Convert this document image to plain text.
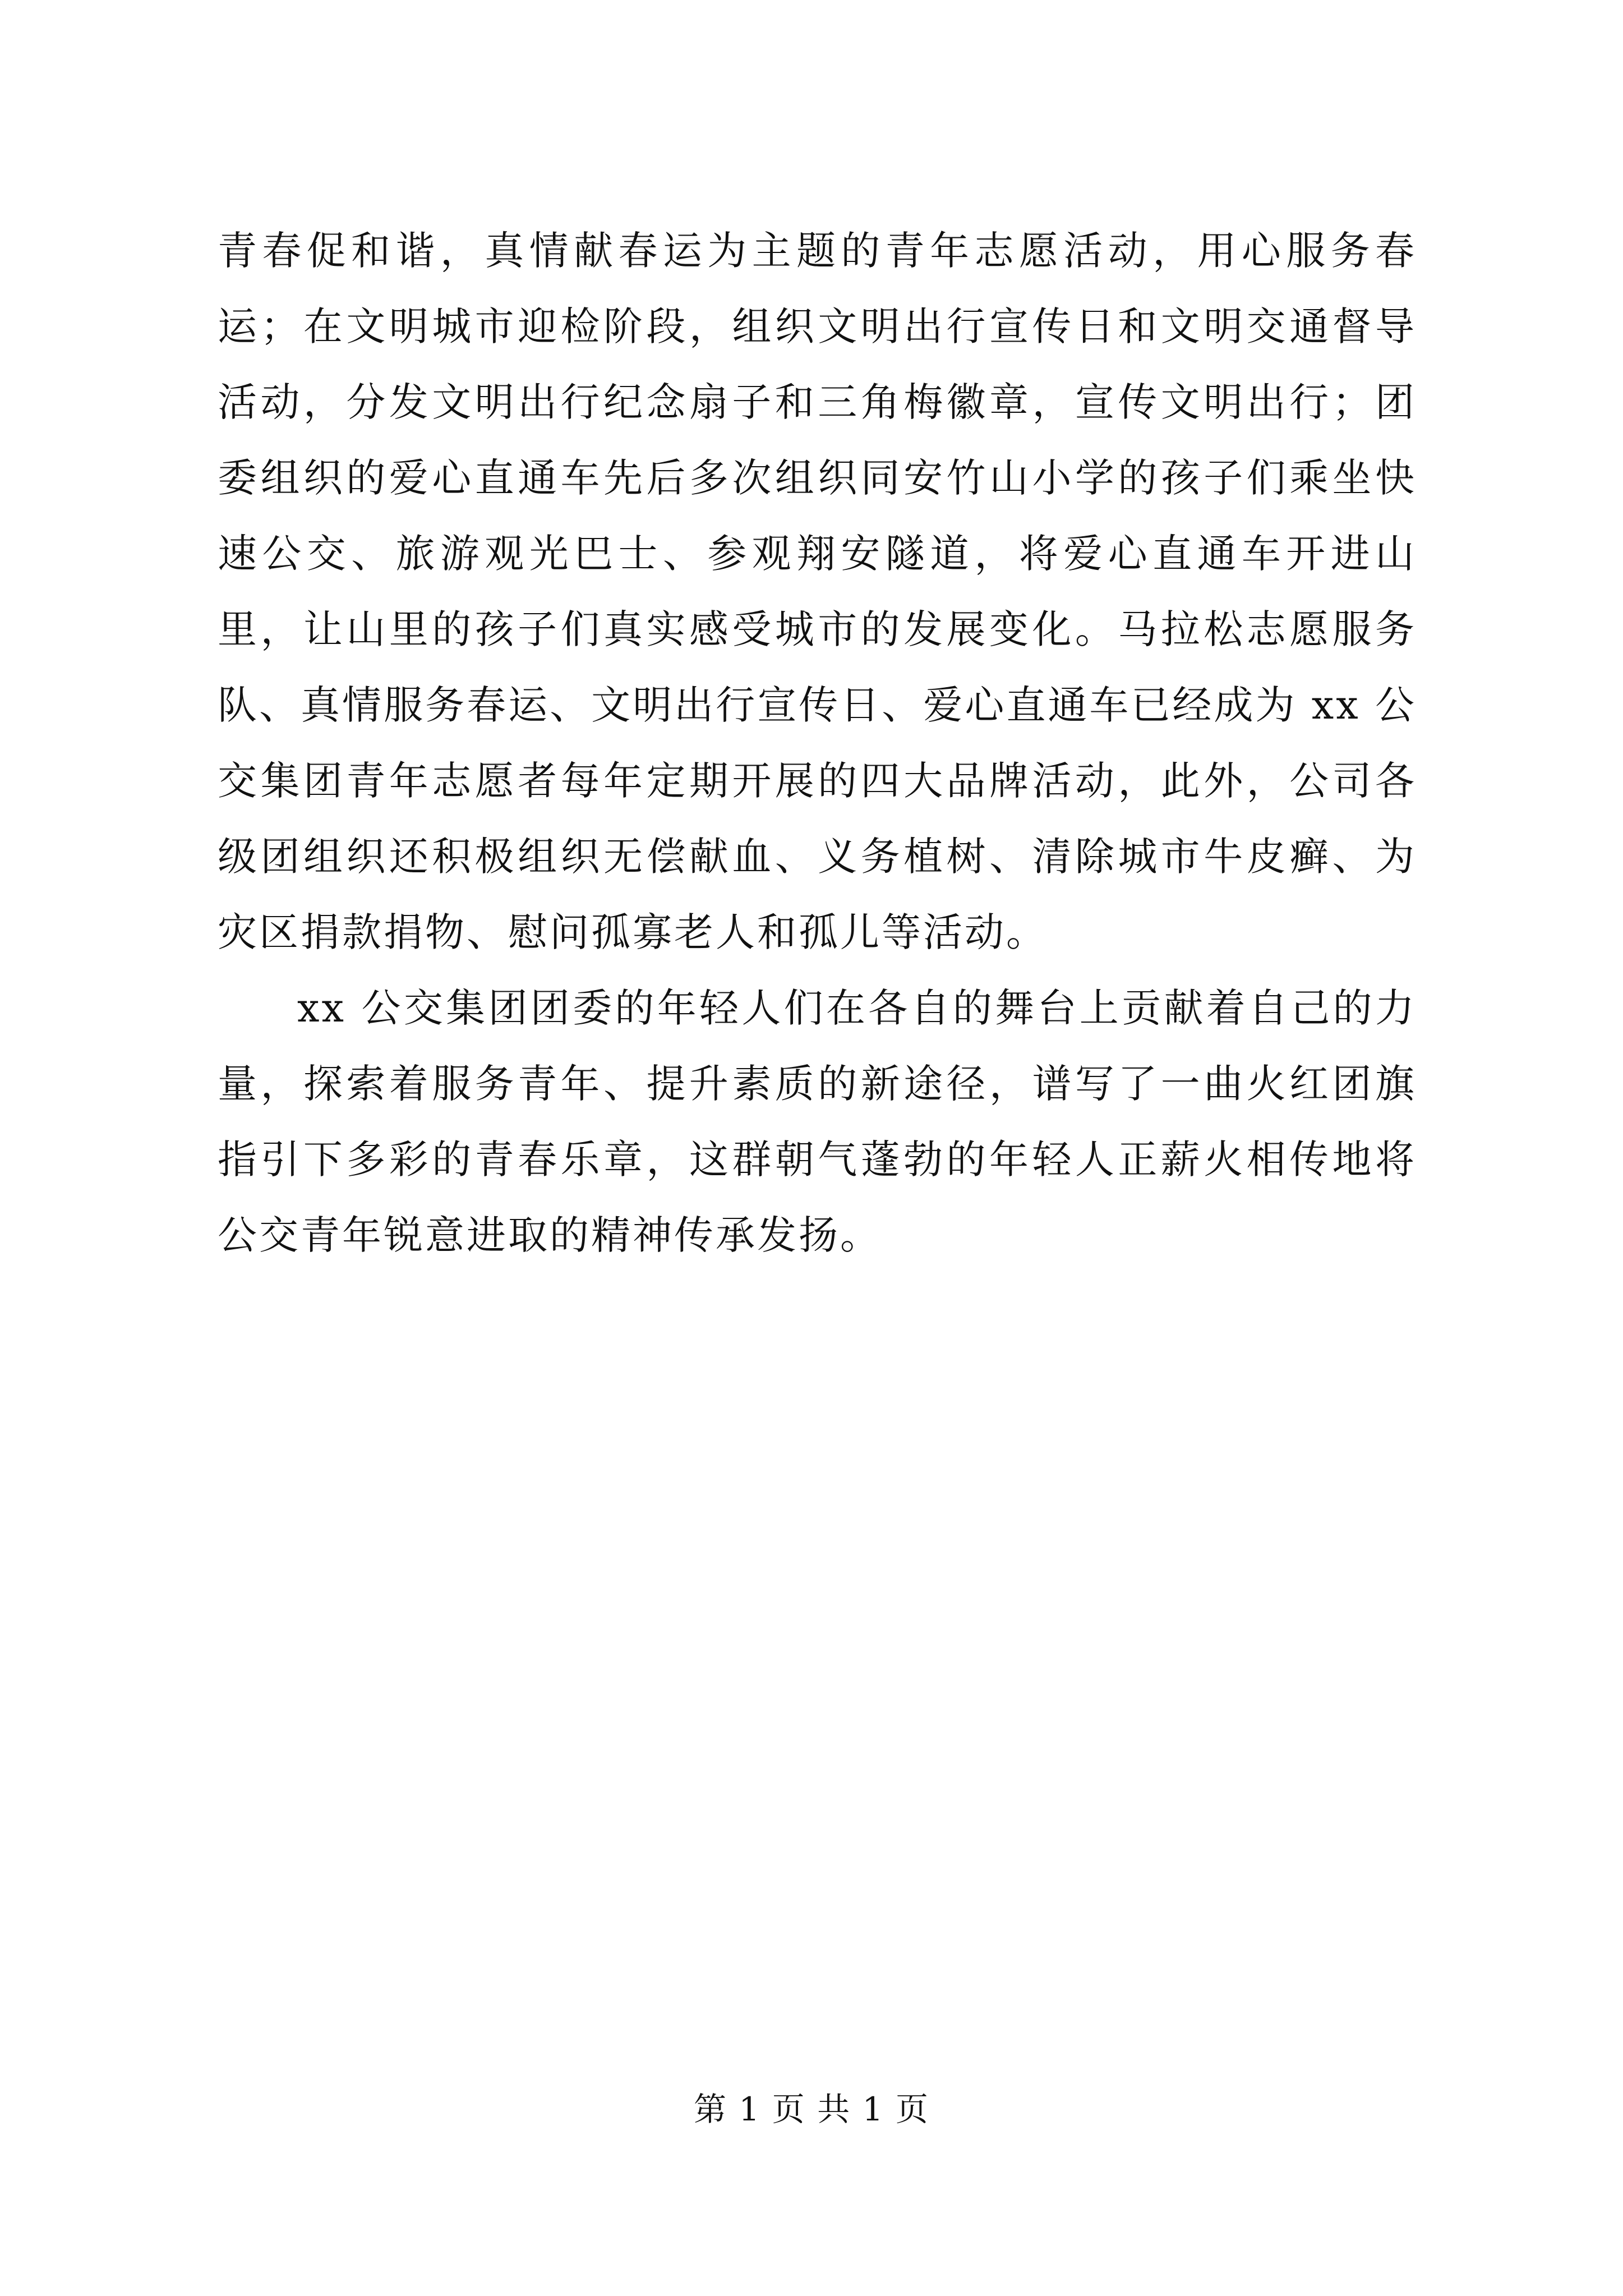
青春促和谐，真情献春运为主题的青年志愿活动，用心服务春运；在文明城市迎检阶段，组织文明出行宣传日和文明交通督导活动，分发文明出行纪念扇子和三角梅徽章，宣传文明出行；团委组织的爱心直通车先后多次组织同安竹山小学的孩子们乘坐快速公交、旅游观光巴士、参观翔安隧道，将爱心直通车开进山里，让山里的孩子们真实感受城市的发展变化。马拉松志愿服务队、真情服务春运、文明出行宣传日、爱心直通车已经成为 xx 公交集团青年志愿者每年定期开展的四大品牌活动，此外，公司各级团组织还积极组织无偿献血、义务植树、清除城市牛皮癣、为灾区捐款捐物、慰问孤寡老人和孤儿等活动。

xx 公交集团团委的年轻人们在各自的舞台上贡献着自己的力量，探索着服务青年、提升素质的新途径，谱写了一曲火红团旗指引下多彩的青春乐章，这群朝气蓬勃的年轻人正薪火相传地将公交青年锐意进取的精神传承发扬。

第 1 页 共 1 页
